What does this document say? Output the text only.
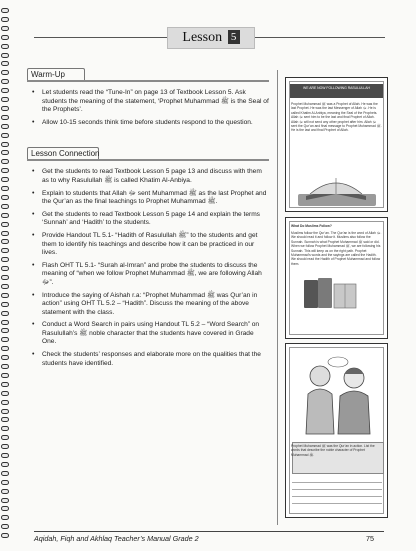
Lesson 5
Warm-Up
• Let students read the “Tune-In” on page 13 of Textbook Lesson 5. Ask students the meaning of the statement, ‘Prophet Muhammad ﷺ is the Seal of the Prophets’.
• Allow 10-15 seconds think time before students respond to the question.
Lesson Connection
• Get the students to read Textbook Lesson 5 page 13 and discuss with them as to why Rasulullah ﷺ is called Khatim Al-Anbiya.
• Explain to students that Allah ﷻ sent Muhammad ﷺ as the last Prophet and the Qur’an as the final teachings to Prophet Muhammad ﷺ.
• Get the students to read Textbook Lesson 5 page 14 and explain the terms ‘Sunnah’ and ‘Hadith’ to the students.
• Provide Handout TL 5.1- “Hadith of Rasulullah ﷺ” to the students and get them to identify his teachings and describe how it can be practiced in our lives.
• Flash OHT TL 5.1- “Surah al-Imran” and probe the students to discuss the meaning of “when we follow Prophet Muhammad ﷺ, we are following Allah ﷻ”.
• Introduce the saying of Aishah r.a: “Prophet Muhammad ﷺ was Qur’an in action” using OHT TL 5.2 – “Hadith”. Discuss the meaning of the above statement with the class.
• Conduct a Word Search in pairs using Handout TL 5.2 – “Word Search” on Rasulullah’s ﷺ noble character that the students have covered in Grade One.
• Check the students’ responses and elaborate more on the qualities that the students have identified.
WE ARE NOW FOLLOWING RASULULLAH
Prophet Muhammad ﷺ was a Prophet of Allah. He was the last Prophet. He was the last Messenger of Allah ﷻ. He is called Khatim Al-Anbiya, meaning the Seal of the Prophets. Allah ﷻ sent him to be the last and final Prophet of Allah. Allah ﷻ will not send any other prophet after him. Allah ﷻ sent the Qur’an and final message to Prophet Muhammad ﷺ. He is the last and final Prophet of Allah.
What Do Muslims Follow?
Muslims follow the Qur’an. The Qur’an is the word of Allah ﷻ. We should read it and follow it. Muslims also follow the Sunnah. Sunnah is what Prophet Muhammad ﷺ said or did. When we follow Prophet Muhammad ﷺ, we are following his Sunnah. This will keep us on the right path. Prophet Muhammad’s words and the sayings are called the Hadith. We should read the Hadith of Prophet Muhammad and follow them.
Prophet Muhammad ﷺ was the Qur’an in action. List the words that describe the noble character of Prophet Muhammad ﷺ.
Aqidah, Fiqh and Akhlaq Teacher’s Manual Grade 2	75
